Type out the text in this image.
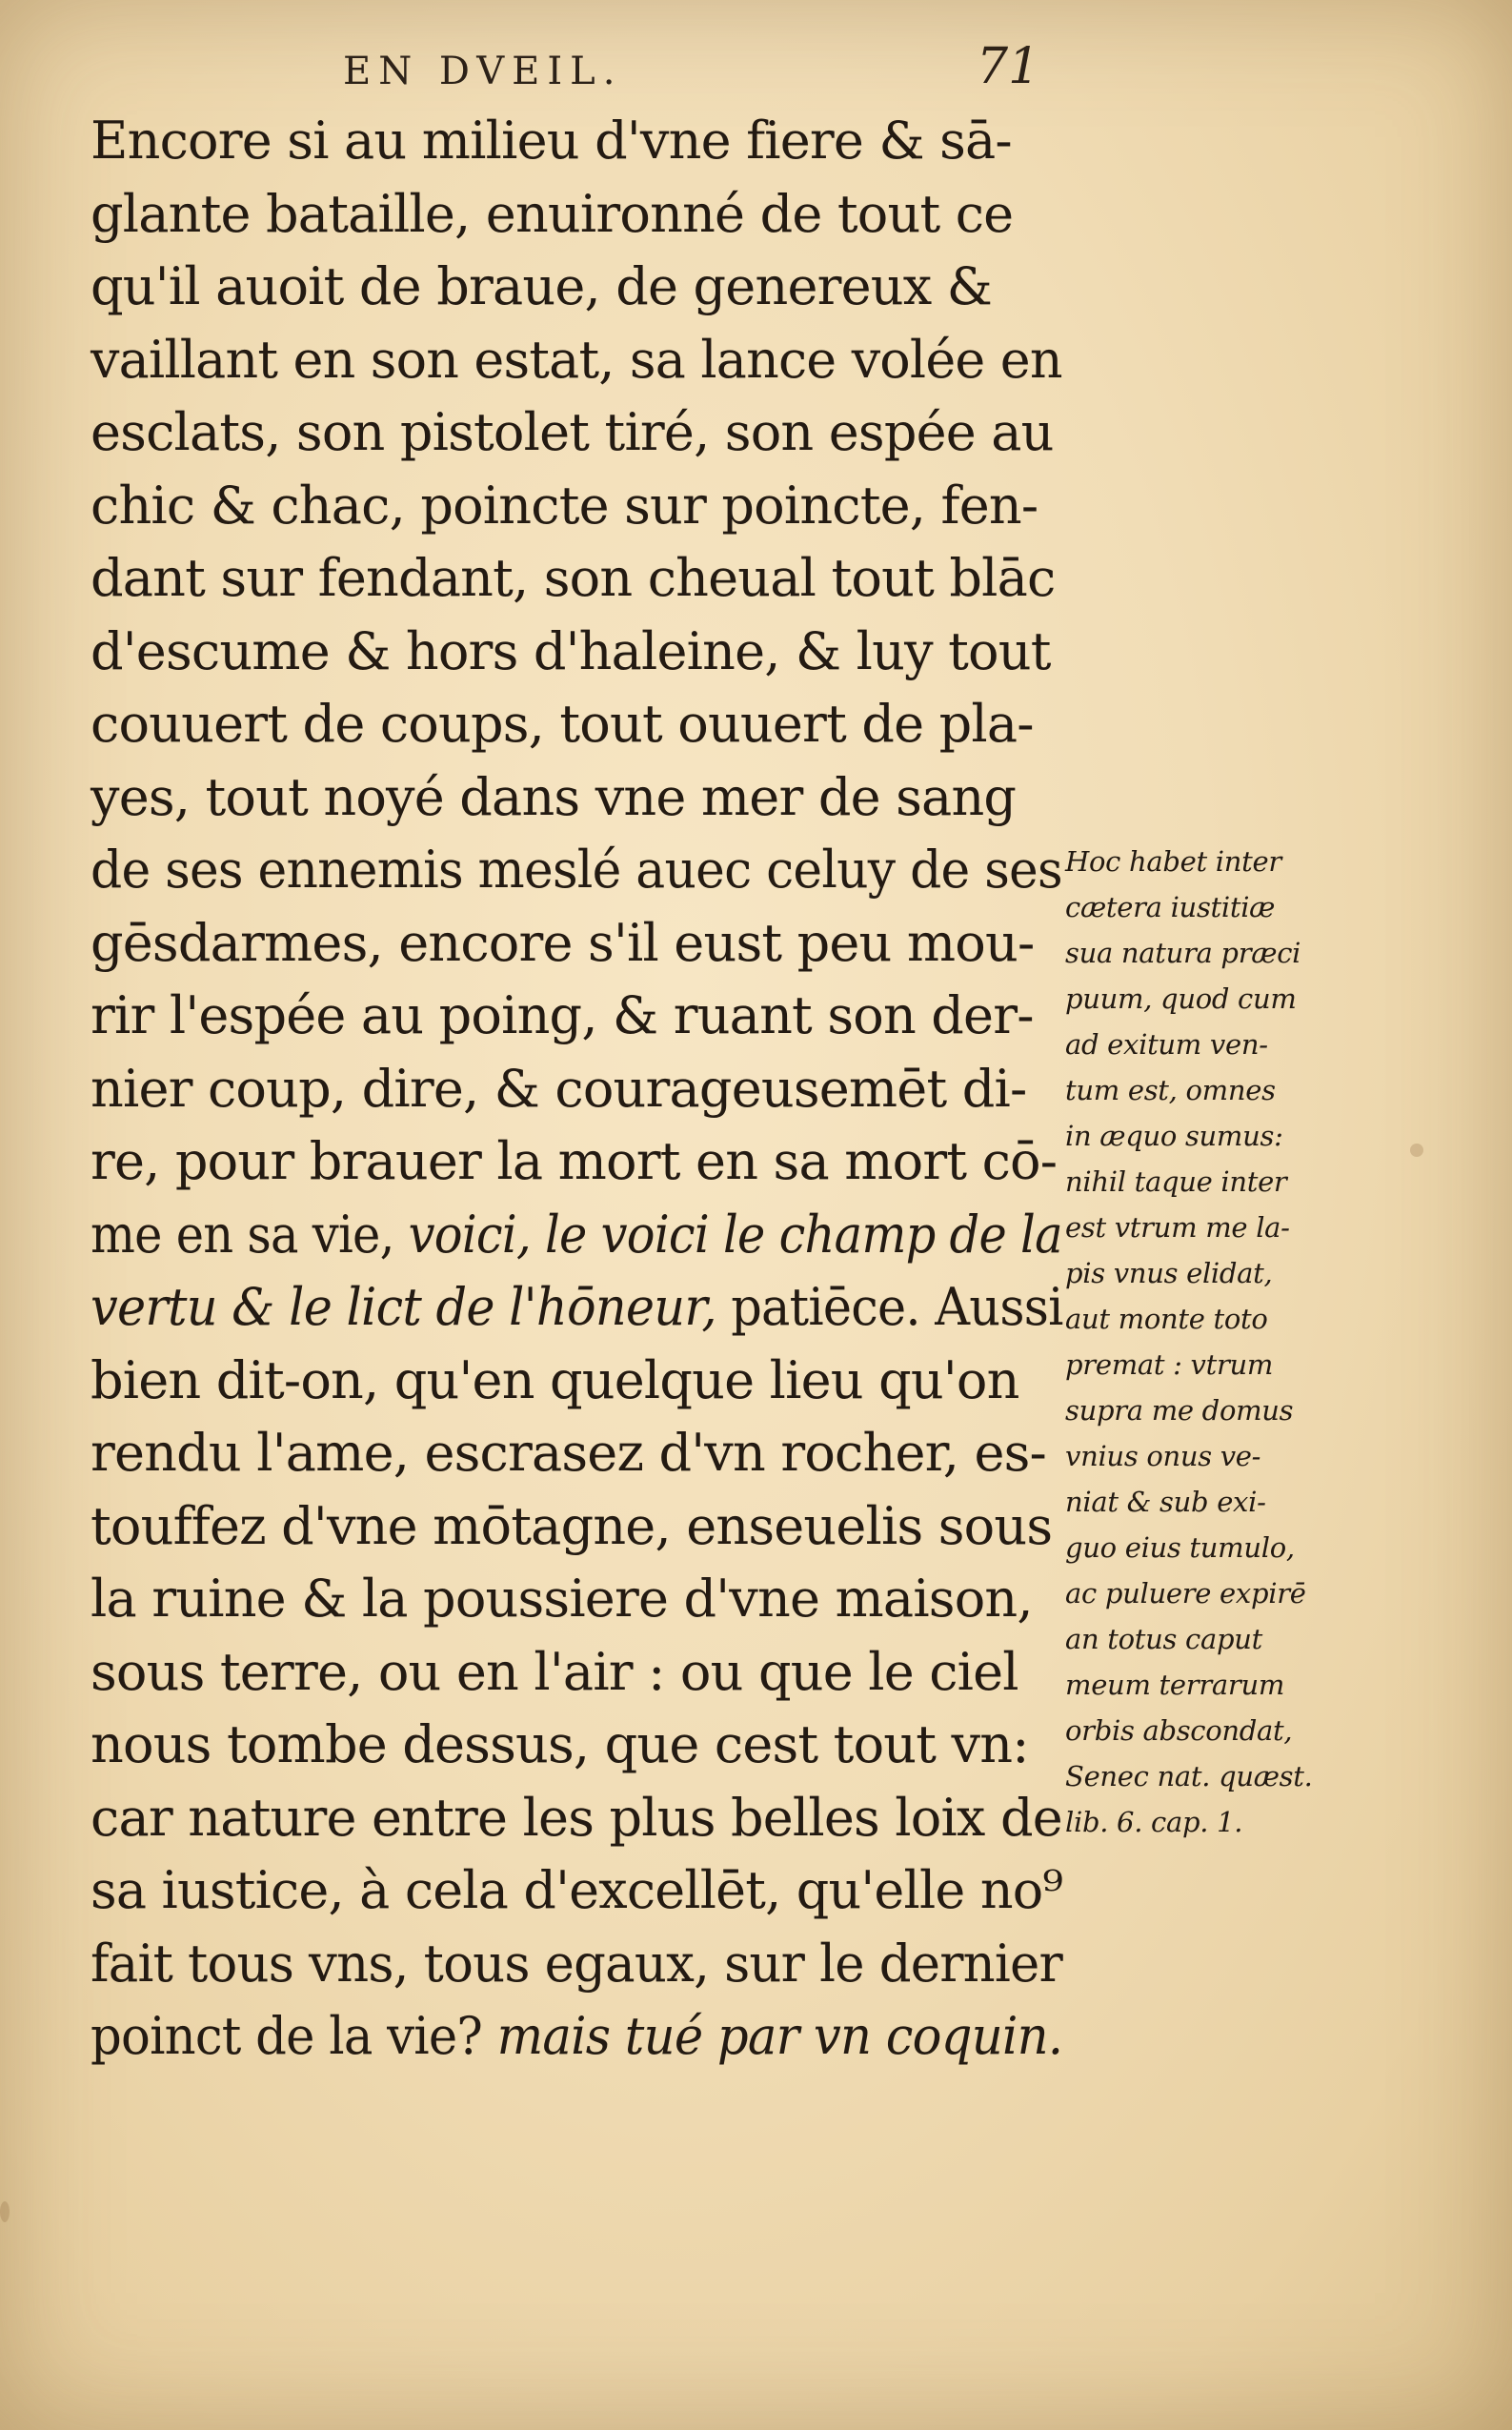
EN DVEIL.	71
Encore si au milieu d'vne fiere & sā-
glante bataille, enuironné de tout ce
qu'il auoit de braue, de genereux &
vaillant en son estat, sa lance volée en
esclats, son pistolet tiré, son espée au
chic & chac, poincte sur poincte, fen-
dant sur fendant, son cheual tout blāc
d'escume & hors d'haleine, & luy tout
couuert de coups, tout ouuert de pla-
yes, tout noyé dans vne mer de sang
de ses ennemis meslé auec celuy de ses
gēsdarmes, encore s'il eust peu mou-
rir l'espée au poing, & ruant son der-
nier coup, dire, & courageusemēt di-
re, pour brauer la mort en sa mort cō-
me en sa vie, voici, le voici le champ de la
vertu & le lict de l'hōneur, patiēce. Aussi
bien dit-on, qu'en quelque lieu qu'on
rendu l'ame, escrasez d'vn rocher, es-
touffez d'vne mōtagne, enseuelis sous
la ruine & la poussiere d'vne maison,
sous terre, ou en l'air : ou que le ciel
nous tombe dessus, que cest tout vn:
car nature entre les plus belles loix de
sa iustice, à cela d'excellēt, qu'elle no⁹
fait tous vns, tous egaux, sur le dernier
poinct de la vie? mais tué par vn coquin.
Hoc habet inter
cætera iustitiæ
sua natura præci
puum, quod cum
ad exitum ven-
tum est, omnes
in æquo sumus:
nihil taque inter
est vtrum me la-
pis vnus elidat,
aut monte toto
premat : vtrum
supra me domus
vnius onus ve-
niat & sub exi-
guo eius tumulo,
ac puluere expirē
an totus caput
meum terrarum
orbis abscondat,
Senec nat. quæst.
lib. 6. cap. 1.
